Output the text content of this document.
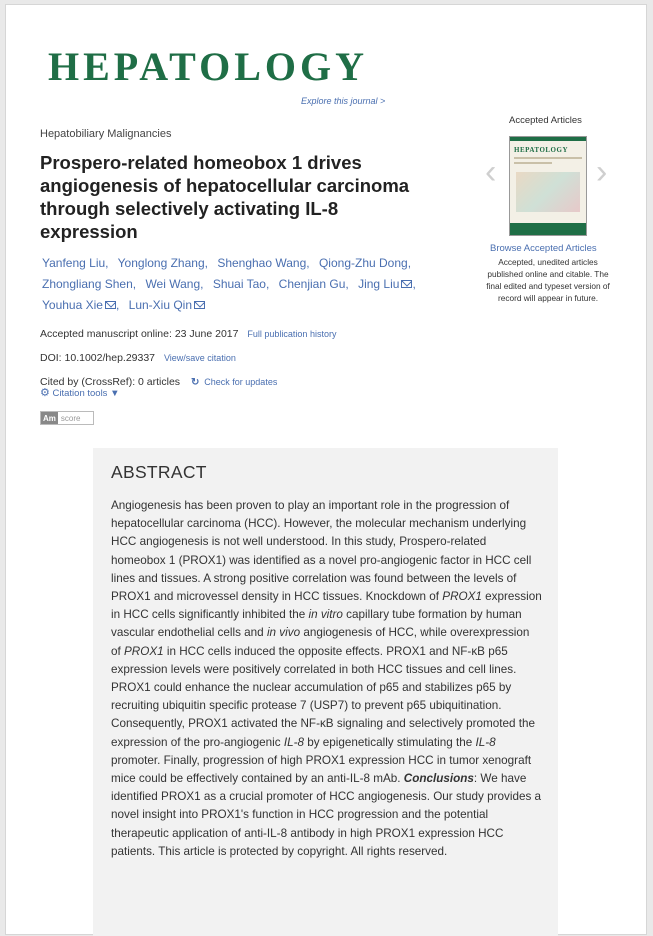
HEPATOLOGY
Explore this journal >
Hepatobiliary Malignancies
Prospero-related homeobox 1 drives angiogenesis of hepatocellular carcinoma through selectively activating IL-8 expression
Yanfeng Liu, Yonglong Zhang, Shenghao Wang, Qiong-Zhu Dong, Zhongliang Shen, Wei Wang, Shuai Tao, Chenjian Gu, Jing Liu , Youhua Xie , Lun-Xiu Qin
Accepted manuscript online: 23 June 2017 Full publication history
DOI: 10.1002/hep.29337 View/save citation
Cited by (CrossRef): 0 articles ↻ Check for updates
⚙ Citation tools ▼
Am score
Accepted Articles
‹
HEPATOLOGY
›
Browse Accepted Articles

Accepted, unedited articles published online and citable. The final edited and typeset version of record will appear in future.

ABSTRACT

Angiogenesis has been proven to play an important role in the progression of hepatocellular carcinoma (HCC). However, the molecular mechanism underlying HCC angiogenesis is not well understood. In this study, Prospero-related homeobox 1 (PROX1) was identified as a novel pro-angiogenic factor in HCC cell lines and tissues. A strong positive correlation was found between the levels of PROX1 and microvessel density in HCC tissues. Knockdown of PROX1 expression in HCC cells significantly inhibited the in vitro capillary tube formation by human vascular endothelial cells and in vivo angiogenesis of HCC, while overexpression of PROX1 in HCC cells induced the opposite effects. PROX1 and NF-κB p65 expression levels were positively correlated in both HCC tissues and cell lines. PROX1 could enhance the nuclear accumulation of p65 and stabilizes p65 by recruiting ubiquitin specific protease 7 (USP7) to prevent p65 ubiquitination. Consequently, PROX1 activated the NF-κB signaling and selectively promoted the expression of the pro-angiogenic IL-8 by epigenetically stimulating the IL-8 promoter. Finally, progression of high PROX1 expression HCC in tumor xenograft mice could be effectively contained by an anti-IL-8 mAb. Conclusions: We have identified PROX1 as a crucial promoter of HCC angiogenesis. Our study provides a novel insight into PROX1's function in HCC progression and the potential therapeutic application of anti-IL-8 antibody in high PROX1 expression HCC patients. This article is protected by copyright. All rights reserved.
